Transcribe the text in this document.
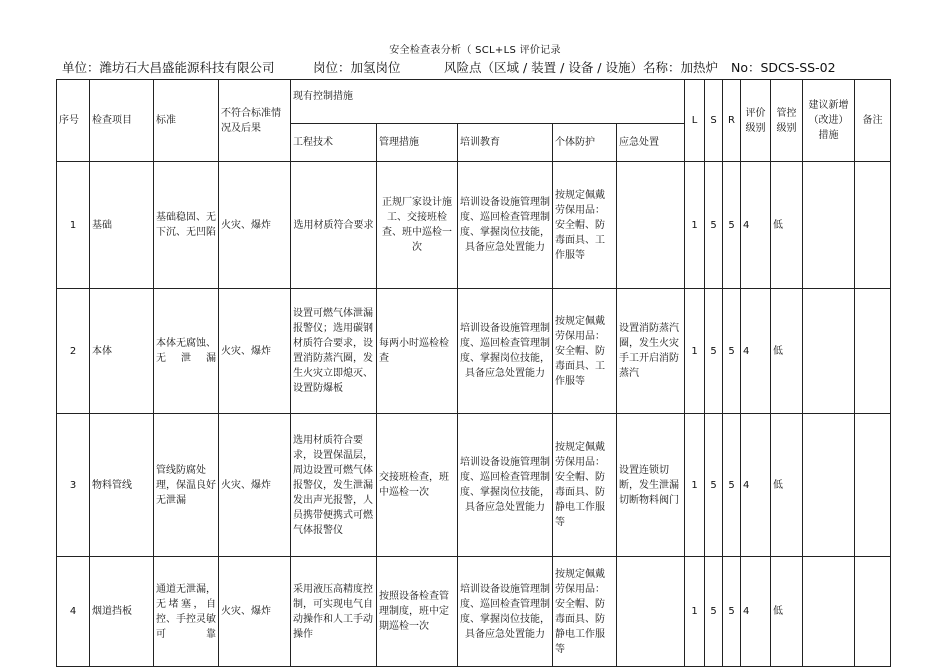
安全检查表分析（ SCL+LS 评价记录
单位：潍坊石大昌盛能源科技有限公司	岗位：加氢岗位	风险点（区域 / 装置 / 设备 / 设施）名称：加热炉 No：SDCS-SS-02
序号	检查项目	标准	不符合标准情况及后果	现有控制措施					L	S	R	评价级别	管控级别	建议新增（改进）措施	备注
				工程技术	管理措施	培训教育	个体防护	应急处置							
1	基础	基础稳固、无下沉、无凹陷	火灾、爆炸	选用材质符合要求	正规厂家设计施工、交接班检查、班中巡检一次	培训设备设施管理制度、巡回检查管理制度、掌握岗位技能，具备应急处置能力	按规定佩戴劳保用品：安全帽、防毒面具、工作服等		1	5	5	4	低		
2	本体	本体无腐蚀、无泄漏	火灾、爆炸	设置可燃气体泄漏报警仪；选用碳钢材质符合要求，设置消防蒸汽圈，发生火灾立即熄灭、设置防爆板	每两小时巡检检查	培训设备设施管理制度、巡回检查管理制度、掌握岗位技能，具备应急处置能力	按规定佩戴劳保用品：安全帽、防毒面具、工作服等	设置消防蒸汽圈，发生火灾手工开启消防蒸汽	1	5	5	4	低		
3	物料管线	管线防腐处理，保温良好无泄漏	火灾、爆炸	选用材质符合要求，设置保温层，周边设置可燃气体报警仪，发生泄漏发出声光报警，人员携带便携式可燃气体报警仪	交接班检查，班中巡检一次	培训设备设施管理制度、巡回检查管理制度、掌握岗位技能，具备应急处置能力	按规定佩戴劳保用品：安全帽、防毒面具、防静电工作服等	设置连锁切断，发生泄漏切断物料阀门	1	5	5	4	低		
4	烟道挡板	通道无泄漏，无堵塞，自控、手控灵敏可靠	火灾、爆炸	采用液压高精度控制，可实现电气自动操作和人工手动操作	按照设备检查管理制度，班中定期巡检一次	培训设备设施管理制度、巡回检查管理制度、掌握岗位技能，具备应急处置能力	按规定佩戴劳保用品：安全帽、防毒面具、防静电工作服等		1	5	5	4	低		
